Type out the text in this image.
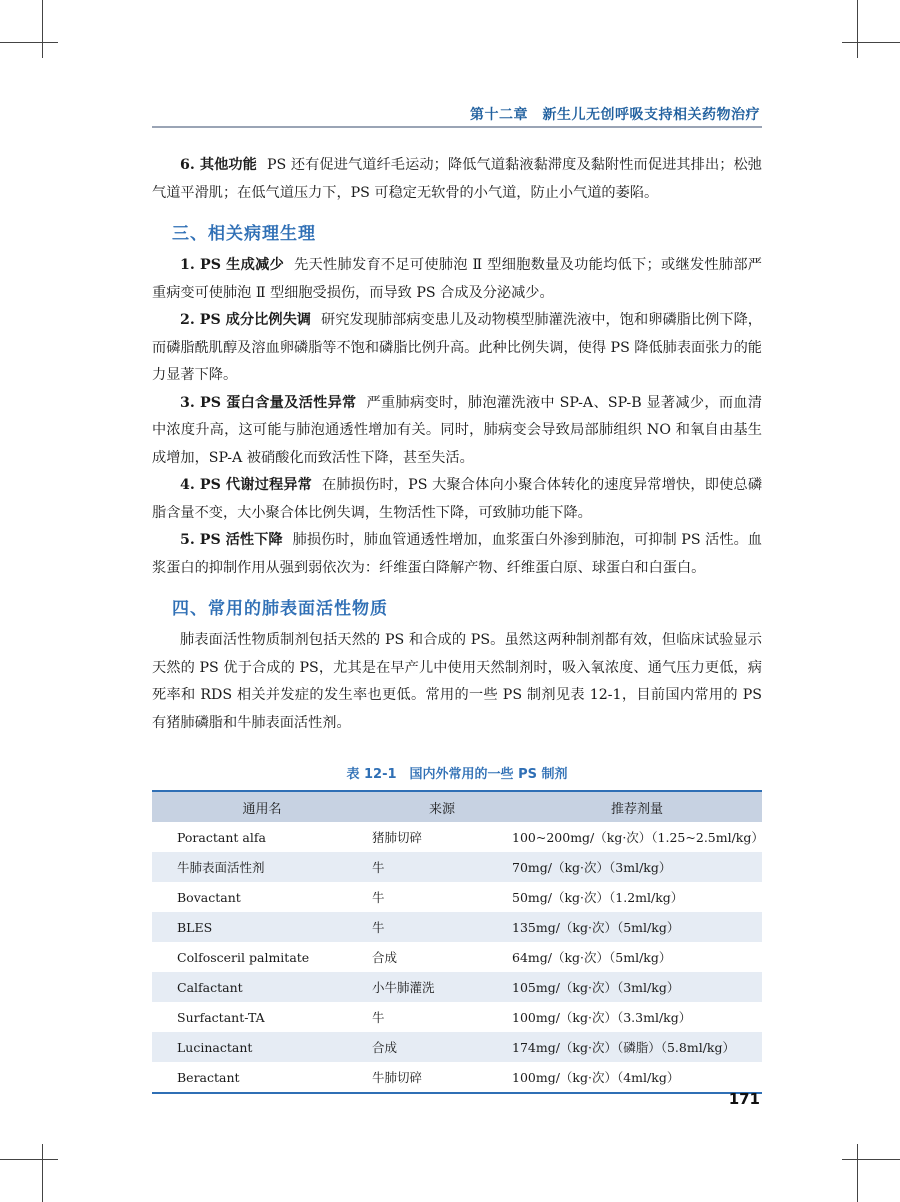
第十二章　新生儿无创呼吸支持相关药物治疗

6. 其他功能 PS 还有促进气道纤毛运动；降低气道黏液黏滞度及黏附性而促进其排出；松弛气道平滑肌；在低气道压力下，PS 可稳定无软骨的小气道，防止小气道的萎陷。

三、相关病理生理

1. PS 生成减少 先天性肺发育不足可使肺泡 Ⅱ 型细胞数量及功能均低下；或继发性肺部严重病变可使肺泡 Ⅱ 型细胞受损伤，而导致 PS 合成及分泌减少。

2. PS 成分比例失调 研究发现肺部病变患儿及动物模型肺灌洗液中，饱和卵磷脂比例下降，而磷脂酰肌醇及溶血卵磷脂等不饱和磷脂比例升高。此种比例失调，使得 PS 降低肺表面张力的能力显著下降。

3. PS 蛋白含量及活性异常 严重肺病变时，肺泡灌洗液中 SP-A、SP-B 显著减少，而血清中浓度升高，这可能与肺泡通透性增加有关。同时，肺病变会导致局部肺组织 NO 和氧自由基生成增加，SP-A 被硝酸化而致活性下降，甚至失活。

4. PS 代谢过程异常 在肺损伤时，PS 大聚合体向小聚合体转化的速度异常增快，即使总磷脂含量不变，大小聚合体比例失调，生物活性下降，可致肺功能下降。

5. PS 活性下降 肺损伤时，肺血管通透性增加，血浆蛋白外渗到肺泡，可抑制 PS 活性。血浆蛋白的抑制作用从强到弱依次为：纤维蛋白降解产物、纤维蛋白原、球蛋白和白蛋白。

四、常用的肺表面活性物质

肺表面活性物质制剂包括天然的 PS 和合成的 PS。虽然这两种制剂都有效，但临床试验显示天然的 PS 优于合成的 PS，尤其是在早产儿中使用天然制剂时，吸入氧浓度、通气压力更低，病死率和 RDS 相关并发症的发生率也更低。常用的一些 PS 制剂见表 12-1，目前国内常用的 PS 有猪肺磷脂和牛肺表面活性剂。

表 12-1　国内外常用的一些 PS 制剂
通用名	来源	推荐剂量
Poractant alfa	猪肺切碎	100~200mg/（kg·次）（1.25~2.5ml/kg）
牛肺表面活性剂	牛	70mg/（kg·次）（3ml/kg）
Bovactant	牛	50mg/（kg·次）（1.2ml/kg）
BLES	牛	135mg/（kg·次）（5ml/kg）
Colfosceril palmitate	合成	64mg/（kg·次）（5ml/kg）
Calfactant	小牛肺灌洗	105mg/（kg·次）（3ml/kg）
Surfactant-TA	牛	100mg/（kg·次）（3.3ml/kg）
Lucinactant	合成	174mg/（kg·次）（磷脂）（5.8ml/kg）
Beractant	牛肺切碎	100mg/（kg·次）（4ml/kg）
171
